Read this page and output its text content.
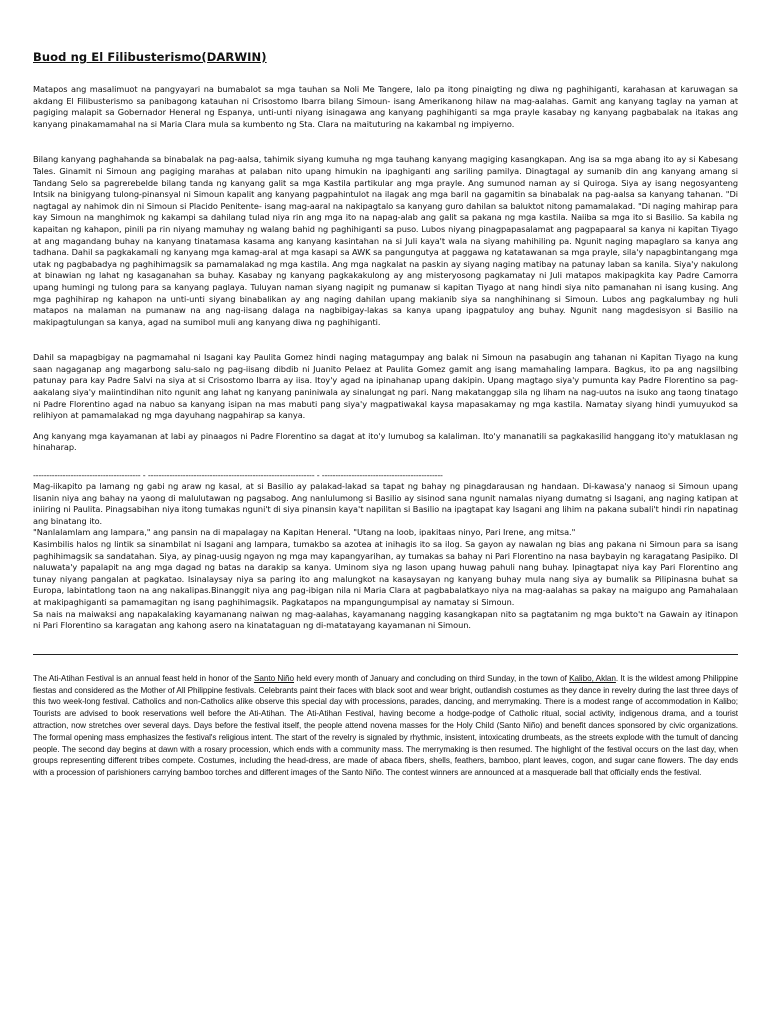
Buod ng El Filibusterismo(DARWIN)

Matapos ang masalimuot na pangyayari na bumabalot sa mga tauhan sa Noli Me Tangere, lalo pa itong pinaigting ng diwa ng paghihiganti, karahasan at karuwagan sa akdang El Filibusterismo sa panibagong katauhan ni Crisostomo Ibarra bilang Simoun- isang Amerikanong hilaw na mag-aalahas. Gamit ang kanyang taglay na yaman at pagiging malapit sa Gobernador Heneral ng Espanya, unti-unti niyang isinagawa ang kanyang paghihiganti sa mga prayle kasabay ng kanyang pagbabalak na itakas ang kanyang pinakamamahal na si Maria Clara mula sa kumbento ng Sta. Clara na maituturing na kakambal ng impiyerno.

Bilang kanyang paghahanda sa binabalak na pag-aalsa, tahimik siyang kumuha ng mga tauhang kanyang magiging kasangkapan. Ang isa sa mga abang ito ay si Kabesang Tales. Ginamit ni Simoun ang pagiging marahas at palaban nito upang himukin na ipaghiganti ang sariling pamilya. Dinagtagal ay sumanib din ang kanyang amang si Tandang Selo sa pagrerebelde bilang tanda ng kanyang galit sa mga Kastila partikular ang mga prayle. Ang sumunod naman ay si Quiroga. Siya ay isang negosyanteng Intsik na binigyang tulong-pinansyal ni Simoun kapalit ang kanyang pagpahintulot na ilagak ang mga baril na gagamitin sa binabalak na pag-aalsa sa kanyang tahanan. "Di nagtagal ay nahimok din ni Simoun si Placido Penitente- isang mag-aaral na nakipagtalo sa kanyang guro dahilan sa baluktot nitong pamamalakad. "Di naging mahirap para kay Simoun na manghimok ng kakampi sa dahilang tulad niya rin ang mga ito na napag-alab ang galit sa pakana ng mga kastila. Naiiba sa mga ito si Basilio. Sa kabila ng kapaitan ng kahapon, pinili pa rin niyang mamuhay ng walang bahid ng paghihiganti sa puso. Lubos niyang pinagpapasalamat ang pagpapaaral sa kanya ni kapitan Tiyago at ang magandang buhay na kanyang tinatamasa kasama ang kanyang kasintahan na si Juli kaya't wala na siyang mahihiling pa. Ngunit naging mapaglaro sa kanya ang tadhana. Dahil sa pagkakamali ng kanyang mga kamag-aral at mga kasapi sa AWK sa pangungutya at paggawa ng katatawanan sa mga prayle, sila'y napagbintangang mga utak ng pagbabadya ng paghihimagsik sa pamamalakad ng mga kastila. Ang mga nagkalat na paskin ay siyang naging matibay na patunay laban sa kanila. Siya'y nakulong at binawian ng lahat ng kasaganahan sa buhay. Kasabay ng kanyang pagkakakulong ay ang misteryosong pagkamatay ni Juli matapos makipagkita kay Padre Camorra upang humingi ng tulong para sa kanyang paglaya. Tuluyan naman siyang nagipit ng pumanaw si kapitan Tiyago at nang hindi siya nito pamanahan ni isang kusing. Ang mga paghihirap ng kahapon na unti-unti siyang binabalikan ay ang naging dahilan upang makianib siya sa nanghihinang si Simoun. Lubos ang pagkalumbay ng huli matapos na malaman na pumanaw na ang nag-iisang dalaga na nagbibigay-lakas sa kanya upang ipagpatuloy ang buhay. Ngunit nang magdesisyon si Basilio na makipagtulungan sa kanya, agad na sumibol muli ang kanyang diwa ng paghihiganti.

Dahil sa mapagbigay na pagmamahal ni Isagani kay Paulita Gomez hindi naging matagumpay ang balak ni Simoun na pasabugin ang tahanan ni Kapitan Tiyago na kung saan nagaganap ang magarbong salu-salo ng pag-iisang dibdib ni Juanito Pelaez at Paulita Gomez gamit ang isang mamahaling lampara. Bagkus, ito pa ang nagsilbing patunay para kay Padre Salvi na siya at si Crisostomo Ibarra ay iisa. Itoy'y agad na ipinahanap upang dakipin. Upang magtago siya'y pumunta kay Padre Florentino sa pag-aakalang siya'y maiintindihan nito ngunit ang lahat ng kanyang paniniwala ay sinalungat ng pari. Nang makatanggap sila ng liham na nag-uutos na isuko ang taong tinatago ni Padre Florentino agad na nabuo sa kanyang isipan na mas mabuti pang siya'y magpatiwakal kaysa mapasakamay ng mga kastila. Namatay siyang hindi yumuyukod sa relihiyon at pamamalakad ng mga dayuhang nagpahirap sa kanya.

Ang kanyang mga kayamanan at labi ay pinaagos ni Padre Florentino sa dagat at ito'y lumubog sa kalaliman. Ito'y mananatili sa pagkakasilid hanggang ito'y matuklasan ng hinaharap.

---------------------------------------- - -------------------------------------------------------------- - ---------------------------------------------

Mag-iikapito pa lamang ng gabi ng araw ng kasal, at si Basilio ay palakad-lakad sa tapat ng bahay ng pinagdarausan ng handaan. Di-kawasa'y nanaog si Simoun upang lisanin niya ang bahay na yaong di malulutawan ng pagsabog. Ang nanlulumong si Basilio ay sisinod sana ngunit namalas niyang dumatng si Isagani, ang naging katipan at iniiring ni Paulita. Pinagsabihan niya itong tumakas nguni't di siya pinansin kaya't napilitan si Basilio na ipagtapat kay Isagani ang lihim na pakana subali't hindi rin napatinag ang binatang ito.

"Nanlalamlam ang lampara," ang pansin na di mapalagay na Kapitan Heneral. "Utang na loob, ipakitaas ninyo, Pari Irene, ang mitsa."

Kasimbilis halos ng lintik sa sinambilat ni Isagani ang lampara, tumakbo sa azotea at inihagis ito sa ilog. Sa gayon ay nawalan ng bias ang pakana ni Simoun para sa isang paghihimagsik sa sandatahan. Siya, ay pinag-uusig ngayon ng mga may kapangyarihan, ay tumakas sa bahay ni Pari Florentino na nasa baybayin ng karagatang Pasipiko. DI naluwata'y papalapit na ang mga dagad ng batas na darakip sa kanya. Uminom siya ng lason upang huwag pahuli nang buhay. Ipinagtapat niya kay Pari Florentino ang tunay niyang pangalan at pagkatao. Isinalaysay niya sa paring ito ang malungkot na kasaysayan ng kanyang buhay mula nang siya ay bumalik sa Pilipinasna buhat sa Europa, labintatlong taon na ang nakalipas.Binanggit niya ang pag-ibigan nila ni Maria Clara at pagbabalatkayo niya na mag-aalahas sa pakay na maigupo ang Pamahalaan at makipaghiganti sa pamamagitan ng isang paghihimagsik. Pagkatapos na mpangungumpisal ay namatay si Simoun.

Sa nais na maiwaksi ang napakalaking kayamanang naiwan ng mag-aalahas, kayamanang nagging kasangkapan nito sa pagtatanim ng mga bukto't na Gawain ay itinapon ni Pari Florentino sa karagatan ang kahong asero na kinatataguan ng di-matatayang kayamanan ni Simoun.

The Ati-Atihan Festival is an annual feast held in honor of the Santo Niño held every month of January and concluding on third Sunday, in the town of Kalibo, Aklan. It is the wildest among Philippine fiestas and considered as the Mother of All Philippine festivals. Celebrants paint their faces with black soot and wear bright, outlandish costumes as they dance in revelry during the last three days of this two week-long festival. Catholics and non-Catholics alike observe this special day with processions, parades, dancing, and merrymaking. There is a modest range of accommodation in Kalibo; Tourists are advised to book reservations well before the Ati-Atihan. The Ati-Atihan Festival, having become a hodge-podge of Catholic ritual, social activity, indigenous drama, and a tourist attraction, now stretches over several days. Days before the festival itself, the people attend novena masses for the Holy Child (Santo Niño) and benefit dances sponsored by civic organizations. The formal opening mass emphasizes the festival's religious intent. The start of the revelry is signaled by rhythmic, insistent, intoxicating drumbeats, as the streets explode with the tumult of dancing people. The second day begins at dawn with a rosary procession, which ends with a community mass. The merrymaking is then resumed. The highlight of the festival occurs on the last day, when groups representing different tribes compete. Costumes, including the head-dress, are made of abaca fibers, shells, feathers, bamboo, plant leaves, cogon, and sugar cane flowers. The day ends with a procession of parishioners carrying bamboo torches and different images of the Santo Niño. The contest winners are announced at a masquerade ball that officially ends the festival.
